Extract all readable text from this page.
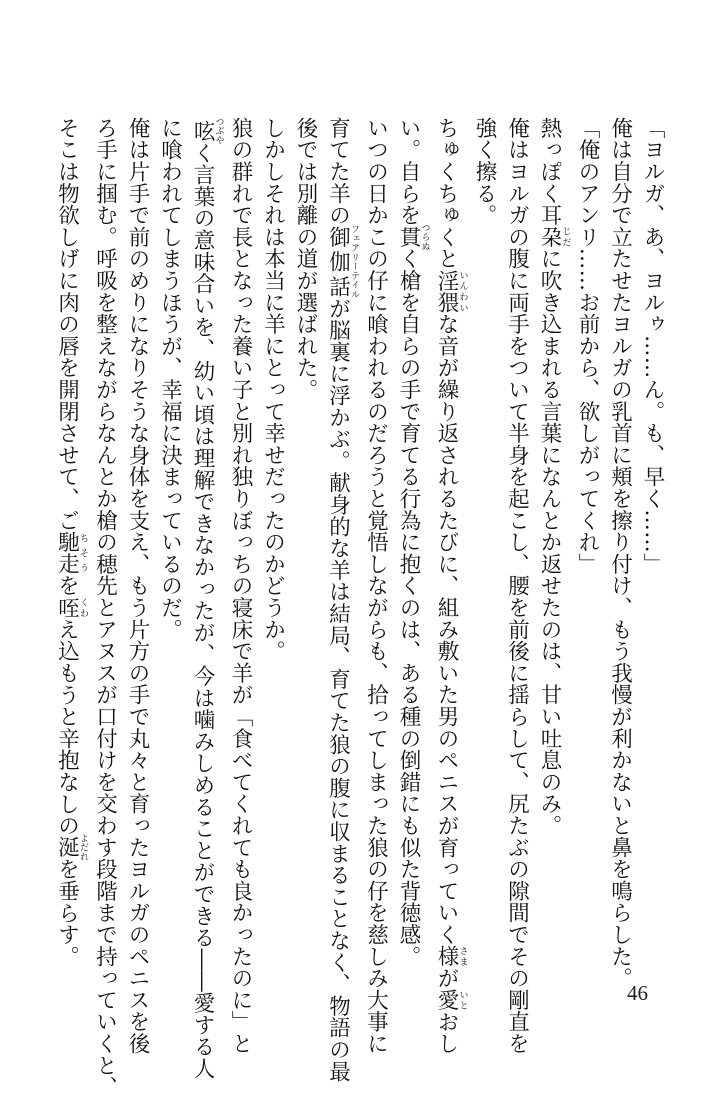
「ヨルガ、あ、ヨルゥ……ん。も、早く……」
俺は自分で立たせたヨルガの乳首に頬を擦り付け、もう我慢が利かないと鼻を鳴らした。
「俺のアンリ……お前から、欲しがってくれ」
熱っぽく耳朶じだに吹き込まれる言葉になんとか返せたのは、甘い吐息のみ。
俺はヨルガの腹に両手をついて半身を起こし、腰を前後に揺らして、尻たぶの隙間でその剛直を
強く擦る。
ちゅくちゅくと淫猥いんわいな音が繰り返されるたびに、組み敷いた男のペニスが育っていく様さまが愛いとおし
い。自らを貫つらぬく槍を自らの手で育てる行為に抱くのは、ある種の倒錯にも似た背徳感。
いつの日かこの仔に喰われるのだろうと覚悟しながらも、拾ってしまった狼の仔を慈しみ大事に
育てた羊の御伽話フェアリーテイルが脳裏に浮かぶ。献身的な羊は結局、育てた狼の腹に収まることなく、物語の最
後では別離の道が選ばれた。
しかしそれは本当に羊にとって幸せだったのかどうか。
狼の群れで長となった養い子と別れ独りぼっちの寝床で羊が「食べてくれても良かったのに」と
呟つぶやく言葉の意味合いを、幼い頃は理解できなかったが、今は噛みしめることができる――愛する人
に喰われてしまうほうが、幸福に決まっているのだ。
俺は片手で前のめりになりそうな身体を支え、もう片方の手で丸々と育ったヨルガのペニスを後
ろ手に掴む。呼吸を整えながらなんとか槍の穂先とアヌスが口付けを交わす段階まで持っていくと、
そこは物欲しげに肉の唇を開閉させて、ご馳走ちそうを咥くわえ込もうと辛抱なしの涎よだれを垂らす。
46
